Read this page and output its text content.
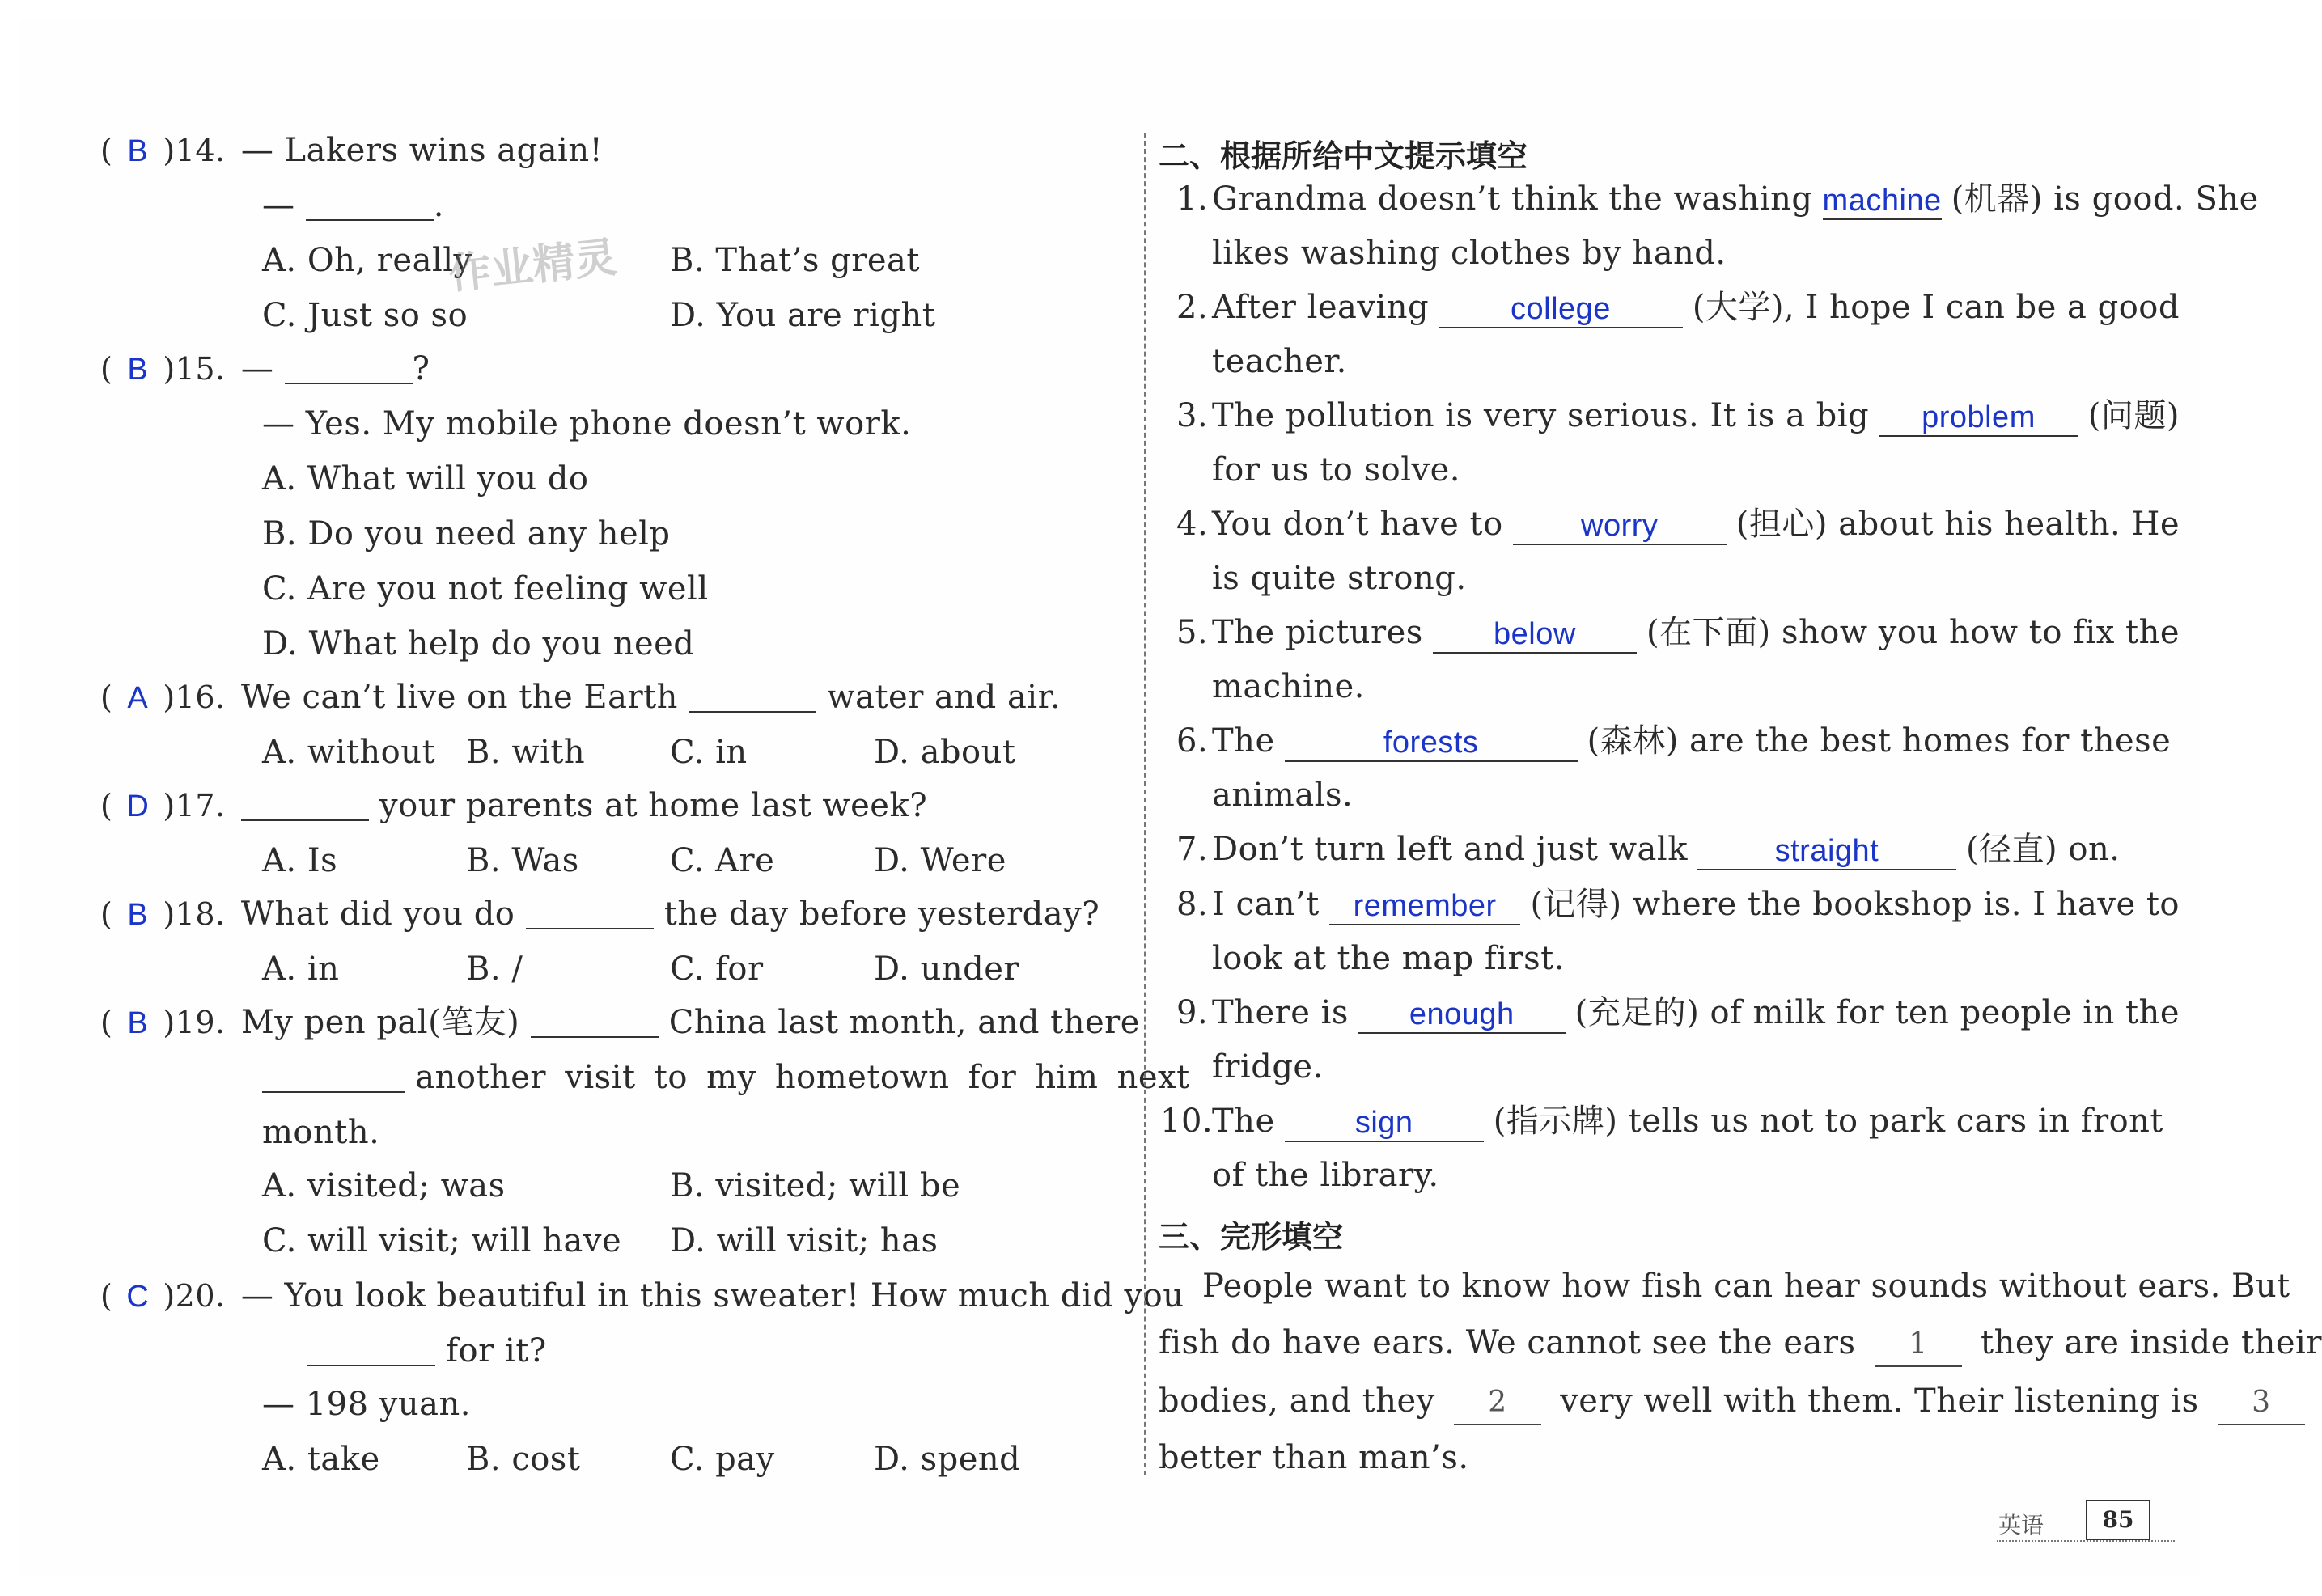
( B )14. — Lakers wins again!
—	.
A. Oh, really	B. That’s great
C. Just so so	D. You are right
作业精灵
( B )15. —	?
— Yes. My mobile phone doesn’t work.
A. What will you do
B. Do you need any help
C. Are you not feeling well
D. What help do you need
( A )16. We can’t live on the Earth	water and air.
A. without B. with	C. in	D. about
( D )17.	your parents at home last week?
A. Is	B. Was	C. Are	D. Were
( B )18. What did you do	the day before yesterday?
A. in	B. /	C. for	D. under
( B )19. My pen pal(笔友)	China last month, and there
another visit to my hometown for him next
month.
A. visited; was	B. visited; will be
C. will visit; will have D. will visit; has
( C )20. — You look beautiful in this sweater! How much did you
for it?
— 198 yuan.
A. take	B. cost	C. pay	D. spend
二、根据所给中文提示填空
1. Grandma doesn’t think the washing machine (机器) is good. She
likes washing clothes by hand.
2. After leaving	college	(大学), I hope I can be a good
teacher.
3. The pollution is very serious. It is a big	problem	(问题)
for us to solve.
4. You don’t have to	worry	(担心) about his health. He
is quite strong.
5. The pictures	below	(在下面) show you how to fix the
machine.
6. The	forests	(森林) are the best homes for these
animals.
7. Don’t turn left and just walk	straight	(径直) on.
8. I can’t	remember	(记得) where the bookshop is. I have to
look at the map first.
9. There is	enough	(充足的) of milk for ten people in the
fridge.
10.
The	sign	(指示牌) tells us not to park cars in front
of the library.
三、完形填空
People want to know how fish can hear sounds without ears. But
fish do have ears. We cannot see the ears 1 they are inside their
bodies, and they 2 very well with them. Their listening is 3
better than man’s.
英语	85
